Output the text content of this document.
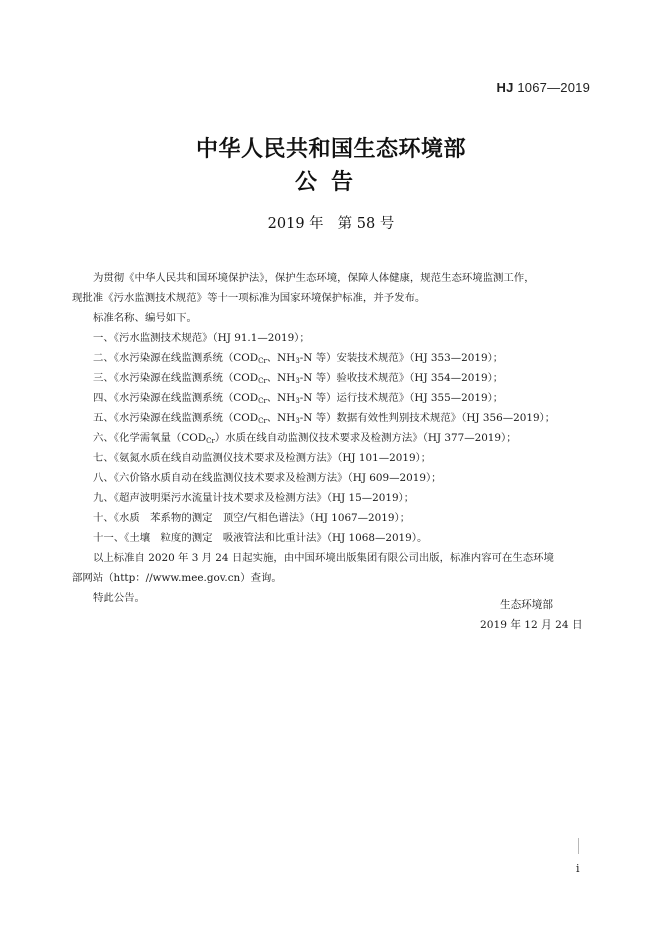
HJ 1067—2019
中华人民共和国生态环境部
公告
2019 年 第 58 号

为贯彻《中华人民共和国环境保护法》，保护生态环境，保障人体健康，规范生态环境监测工作，

现批准《污水监测技术规范》等十一项标准为国家环境保护标准，并予发布。

标准名称、编号如下。

一、《污水监测技术规范》（HJ 91.1—2019）；

二、《水污染源在线监测系统（$COD_{Cr}$、$NH_3-N$ 等）安装技术规范》（HJ 353—2019）；

三、《水污染源在线监测系统（$COD_{Cr}$、$NH_3-N$ 等）验收技术规范》（HJ 354—2019）；

四、《水污染源在线监测系统（$COD_{Cr}$、$NH_3-N$ 等）运行技术规范》（HJ 355—2019）；

五、《水污染源在线监测系统（$COD_{Cr}$、$NH_3-N$ 等）数据有效性判别技术规范》（HJ 356—2019）；

六、《化学需氧量$(COD_{Cr})$水质在线自动监测仪技术要求及检测方法》（HJ 377—2019）；

七、《氨氮水质在线自动监测仪技术要求及检测方法》（HJ 101—2019）；

八、《六价铬水质自动在线监测仪技术要求及检测方法》（HJ 609—2019）；

九、《超声波明渠污水流量计技术要求及检测方法》（HJ 15—2019）；

十、《水质　苯系物的测定　顶空/气相色谱法》（HJ 1067—2019）；

十一、《土壤　粒度的测定　吸液管法和比重计法》（HJ 1068—2019）。

以上标准自 2020 年 3 月 24 日起实施，由中国环境出版集团有限公司出版，标准内容可在生态环境

部网站（http：//www.mee.gov.cn）查询。

特此公告。

生态环境部
2019 年 12 月 24 日
i
